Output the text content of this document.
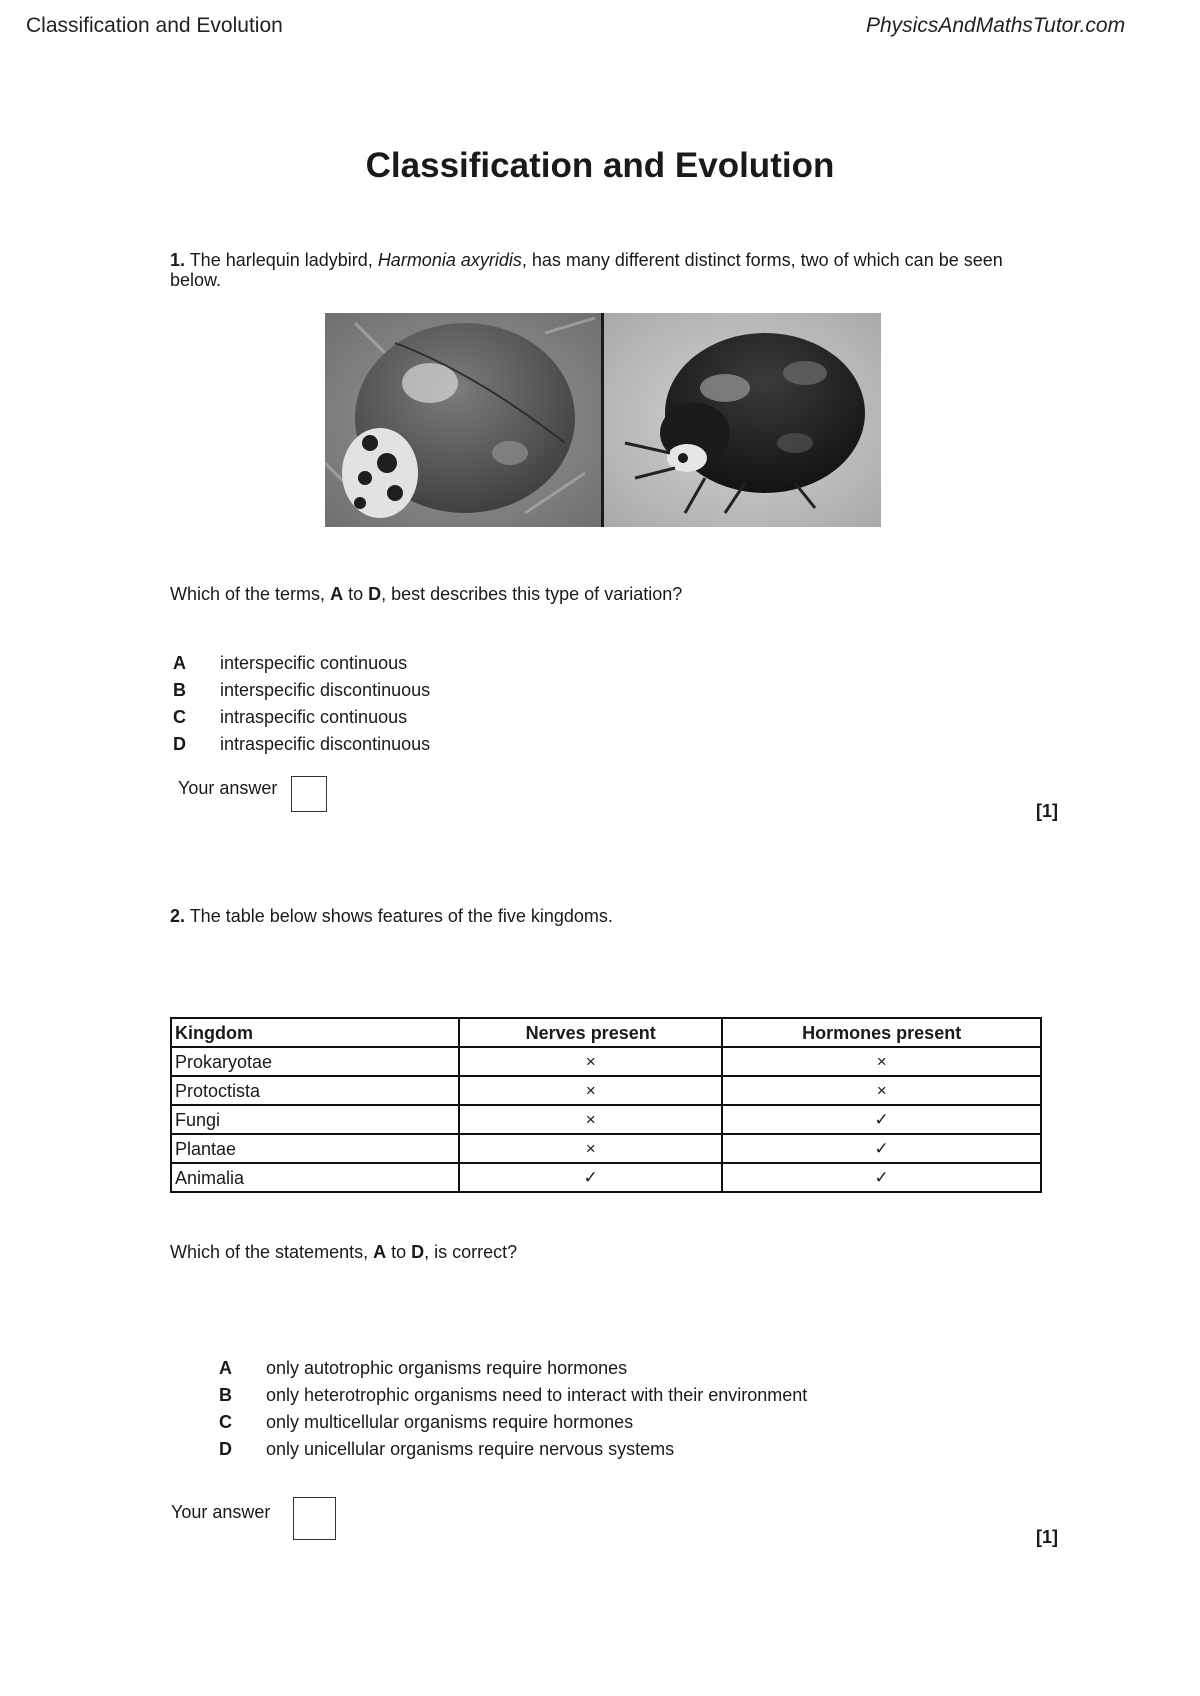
Classification and Evolution	PhysicsAndMathsTutor.com
Classification and Evolution
1. The harlequin ladybird, Harmonia axyridis, has many different distinct forms, two of which can be seen below.
Which of the terms, A to D, best describes this type of variation?
A	interspecific continuous
B	interspecific discontinuous
C	intraspecific continuous
D	intraspecific discontinuous
Your answer
[1]
2. The table below shows features of the five kingdoms.
Kingdom	Nerves present	Hormones present
Prokaryotae	×	×
Protoctista	×	×
Fungi	×	✓
Plantae	×	✓
Animalia	✓	✓
Which of the statements, A to D, is correct?
A	only autotrophic organisms require hormones
B	only heterotrophic organisms need to interact with their environment
C	only multicellular organisms require hormones
D	only unicellular organisms require nervous systems
Your answer
[1]
